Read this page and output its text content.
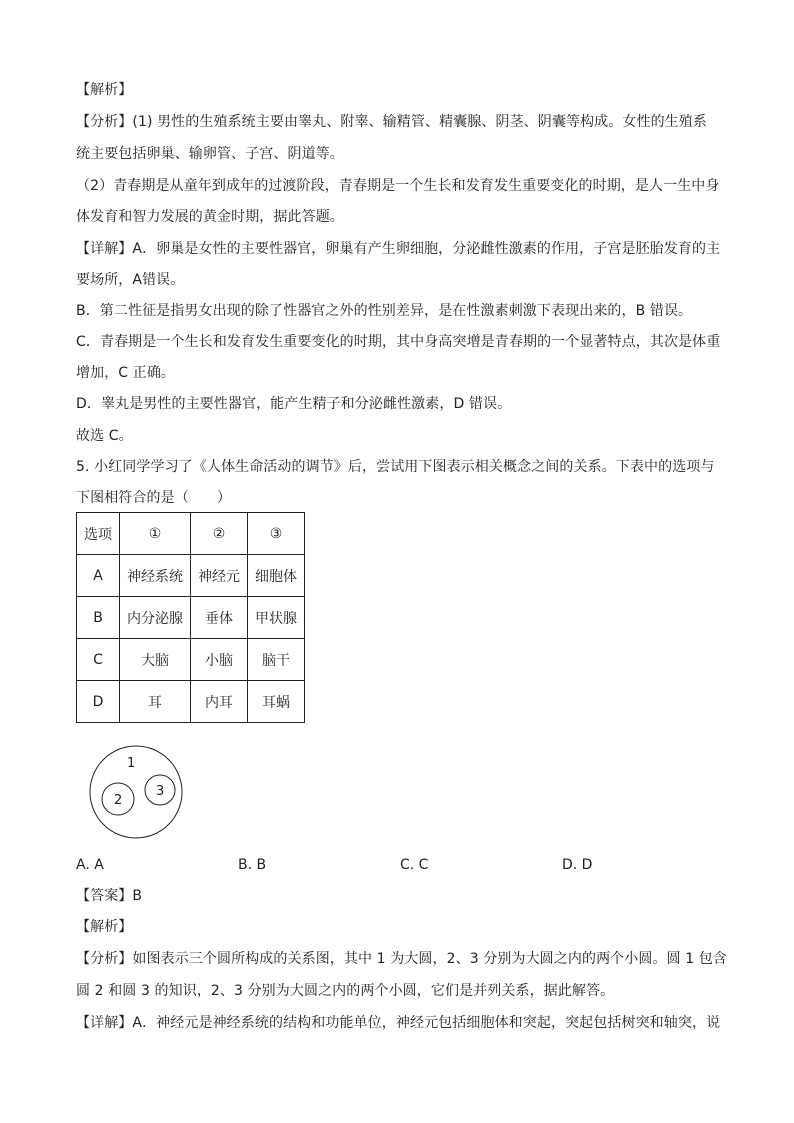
【解析】
【分析】(1) 男性的生殖系统主要由睾丸、附睾、输精管、精囊腺、阴茎、阴囊等构成。女性的生殖系
统主要包括卵巢、输卵管、子宫、阴道等。
（2）青春期是从童年到成年的过渡阶段，青春期是一个生长和发育发生重要变化的时期，是人一生中身
体发育和智力发展的黄金时期，据此答题。
【详解】A．卵巢是女性的主要性器官，卵巢有产生卵细胞，分泌雌性激素的作用，子宫是胚胎发育的主
要场所，A错误。
B．第二性征是指男女出现的除了性器官之外的性别差异，是在性激素刺激下表现出来的，B 错误。
C．青春期是一个生长和发育发生重要变化的时期，其中身高突增是青春期的一个显著特点，其次是体重
增加，C 正确。
D．睾丸是男性的主要性器官，能产生精子和分泌雌性激素，D 错误。
故选 C。
5. 小红同学学习了《人体生命活动的调节》后，尝试用下图表示相关概念之间的关系。下表中的选项与
下图相符合的是（　　）
选项	①	②	③
A	神经系统	神经元	细胞体
B	内分泌腺	垂体	甲状腺
C	大脑	小脑	脑干
D	耳	内耳	耳蜗
1
2
3
A. A	B. B	C. C	D. D
【答案】B
【解析】
【分析】如图表示三个圆所构成的关系图，其中 1 为大圆，2、3 分别为大圆之内的两个小圆。圆 1 包含
圆 2 和圆 3 的知识，2、3 分别为大圆之内的两个小圆，它们是并列关系，据此解答。
【详解】A．神经元是神经系统的结构和功能单位，神经元包括细胞体和突起，突起包括树突和轴突，说
